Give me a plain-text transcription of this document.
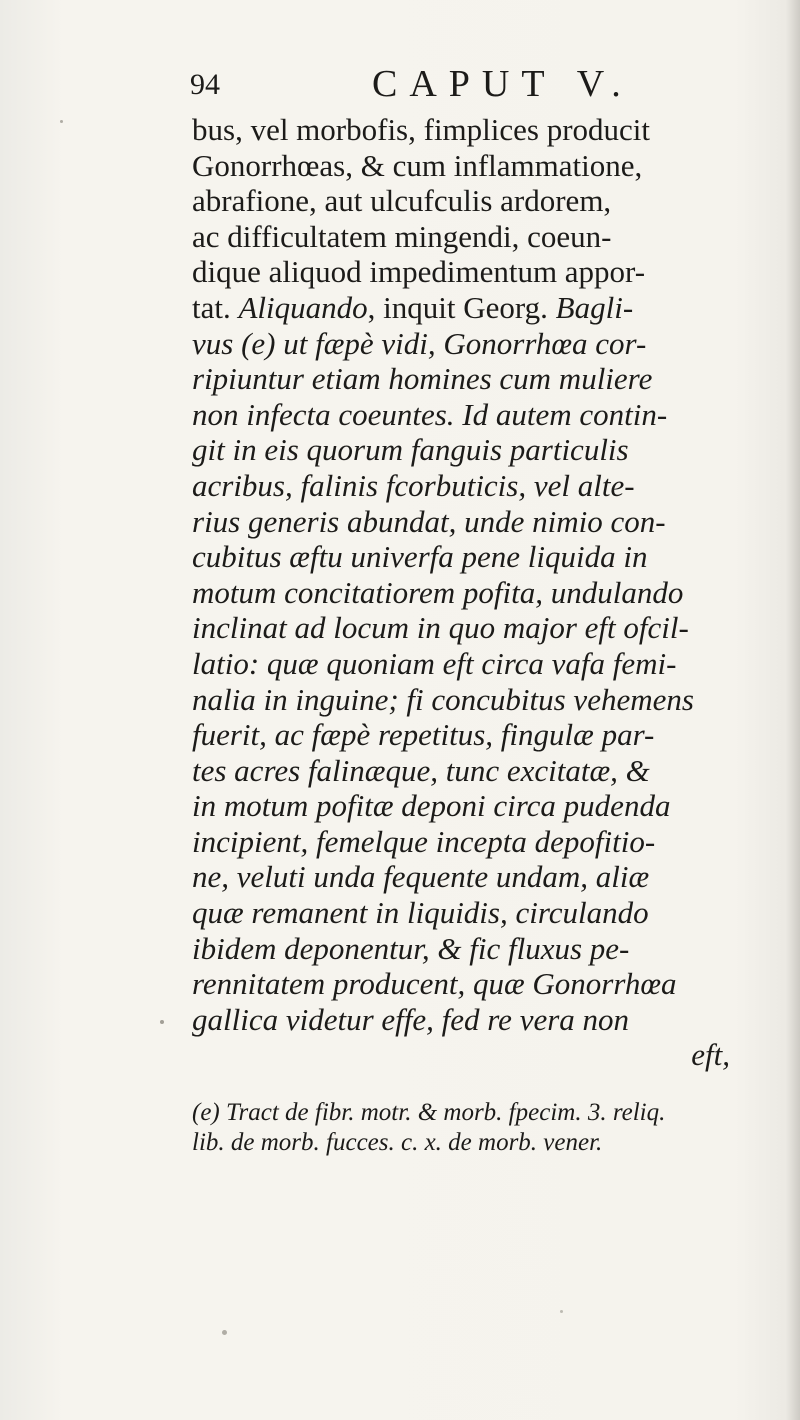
94	CAPUT V.
bus, vel morbofis, fimplices producit
Gonorrhœas, & cum inflammatione,
abrafione, aut ulcufculis ardorem,
ac difficultatem mingendi, coeun-
dique aliquod impedimentum appor-
tat. Aliquando, inquit Georg. Bagli-
vus (e) ut fæpè vidi, Gonorrhœa cor-
ripiuntur etiam homines cum muliere
non infecta coeuntes. Id autem contin-
git in eis quorum fanguis particulis
acribus, falinis fcorbuticis, vel alte-
rius generis abundat, unde nimio con-
cubitus æftu univerfa pene liquida in
motum concitatiorem pofita, undulando
inclinat ad locum in quo major eft ofcil-
latio: quæ quoniam eft circa vafa femi-
nalia in inguine; fi concubitus vehemens
fuerit, ac fæpè repetitus, fingulæ par-
tes acres falinæque, tunc excitatæ, &
in motum pofitæ deponi circa pudenda
incipient, femelque incepta depofitio-
ne, veluti unda fequente undam, aliæ
quæ remanent in liquidis, circulando
ibidem deponentur, & fic fluxus pe-
rennitatem producent, quæ Gonorrhœa
gallica videtur effe, fed re vera non
eft,
(e) Tract de fibr. motr. & morb. fpecim. 3. reliq.
lib. de morb. fucces. c. x. de morb. vener.
